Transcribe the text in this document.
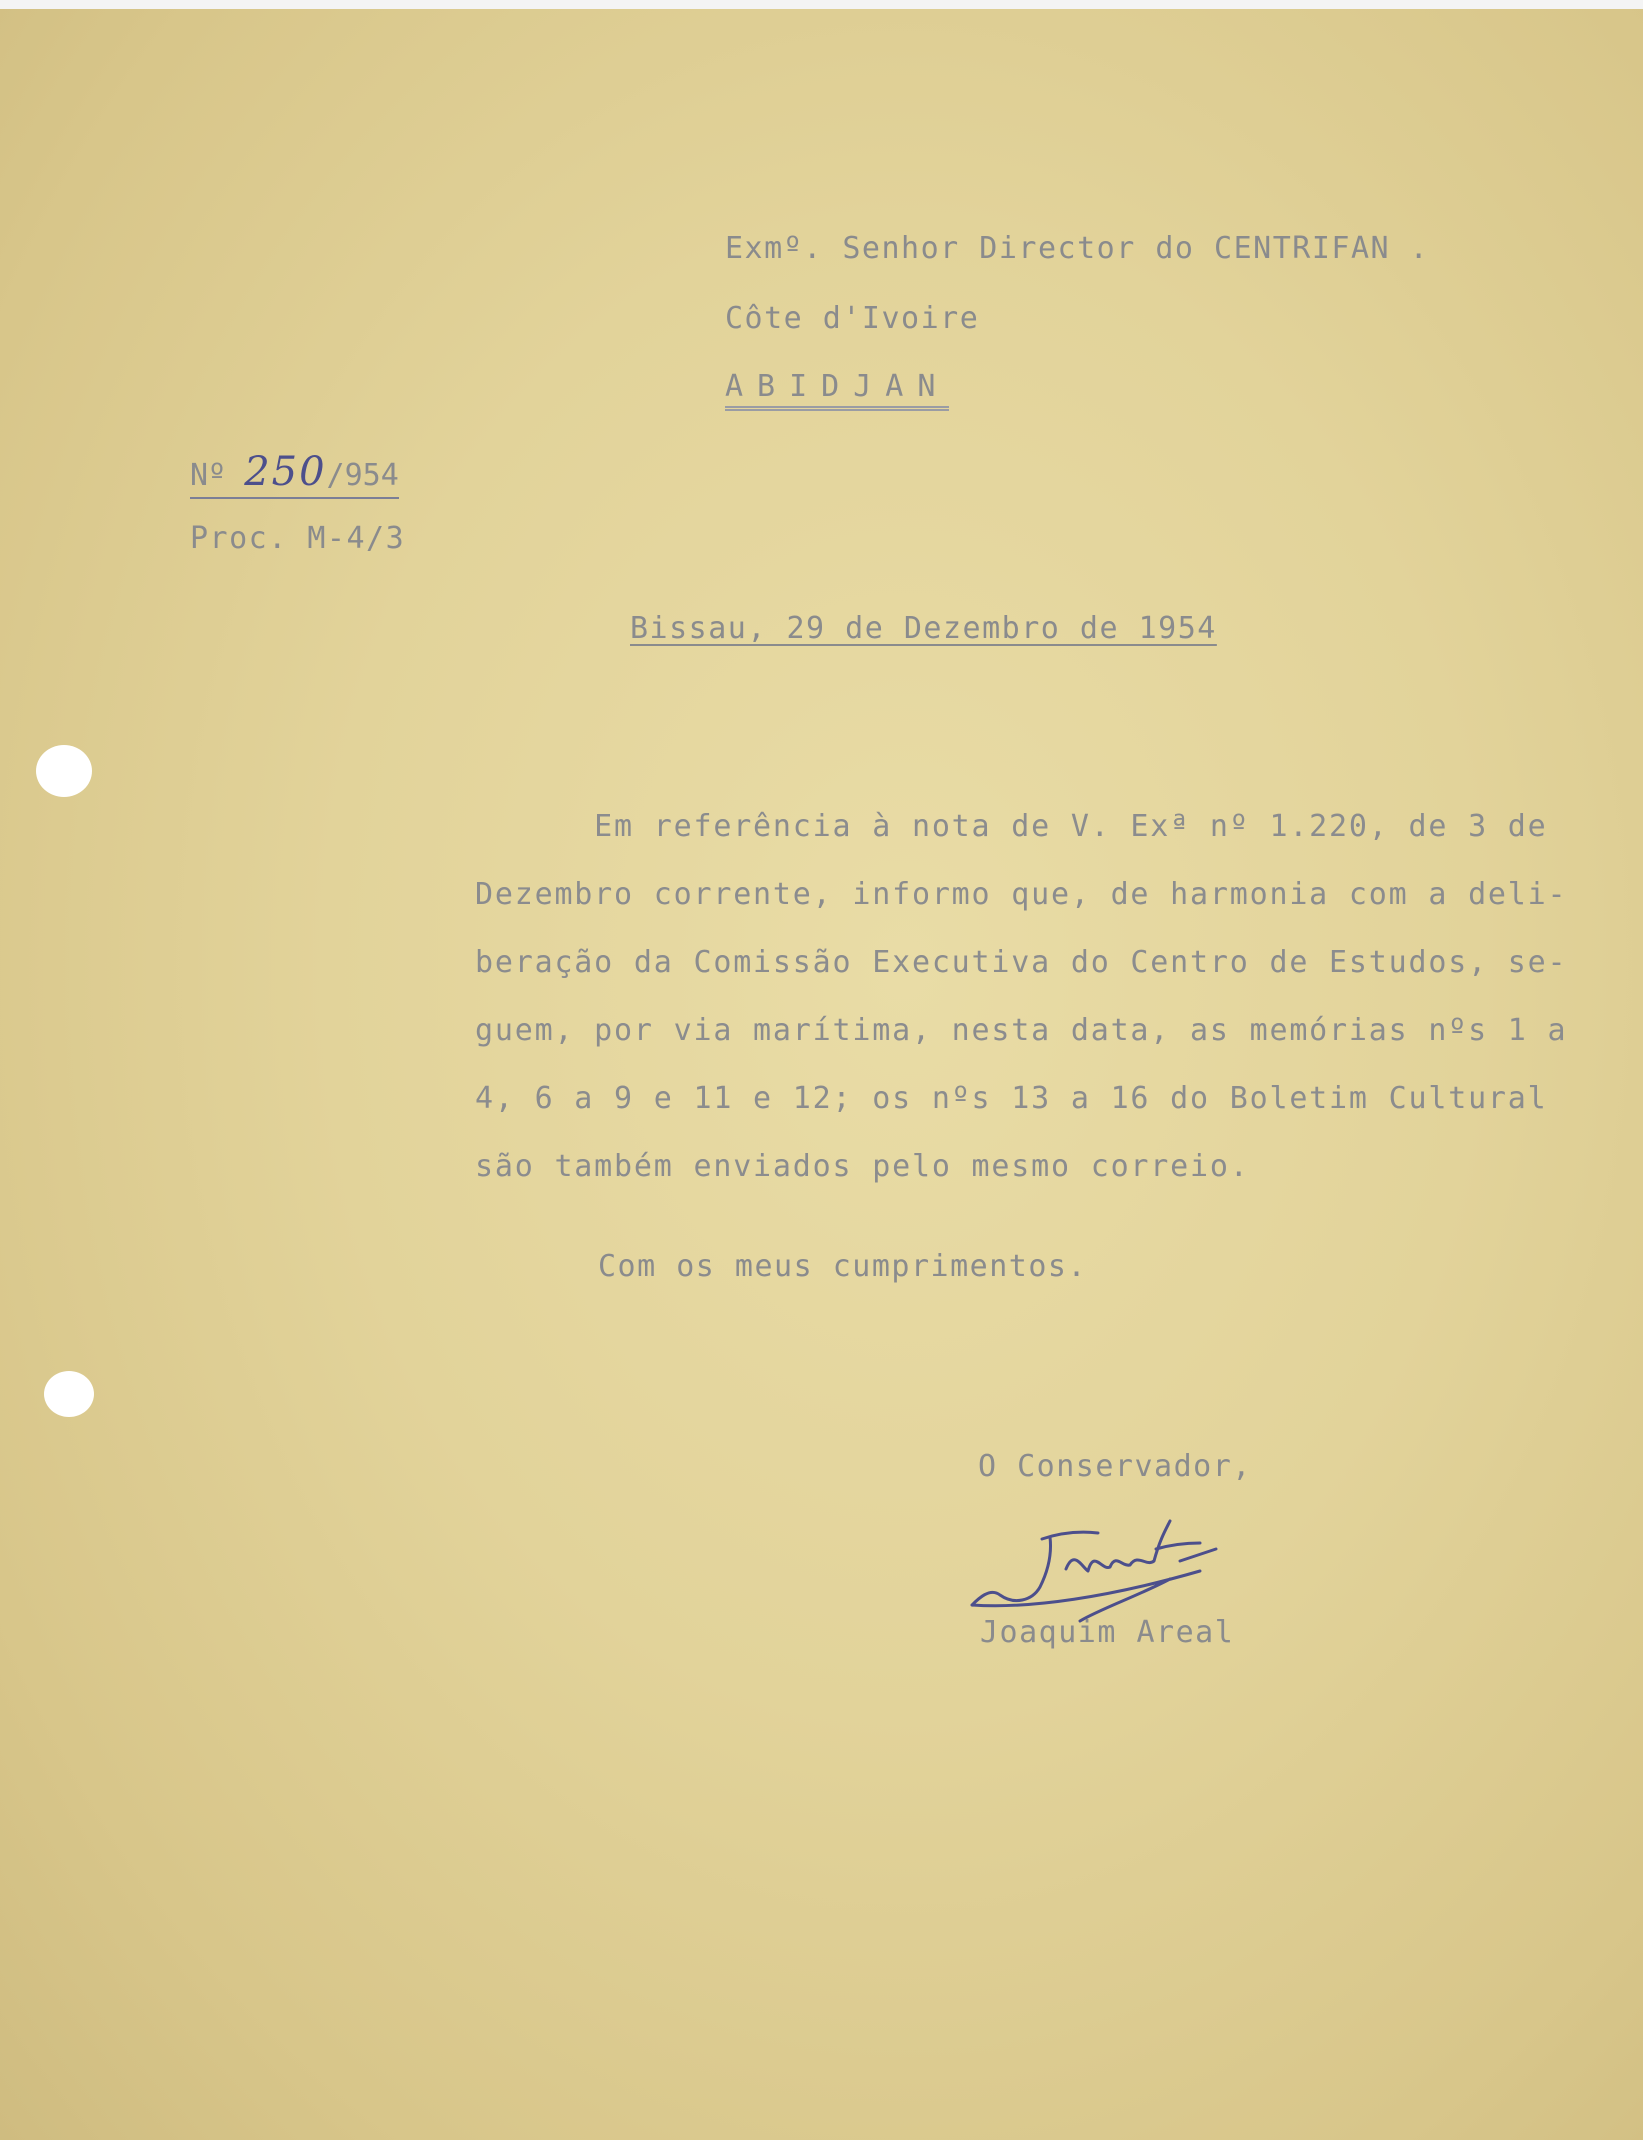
Exmº. Senhor Director do CENTRIFAN .
Côte d'Ivoire
ABIDJAN
Nº 250/954
Proc. M-4/3
Bissau, 29 de Dezembro de 1954
Em referência à nota de V. Exª nº 1.220, de 3 de
Dezembro corrente, informo que, de harmonia com a deli-
beração da Comissão Executiva do Centro de Estudos, se-
guem, por via marítima, nesta data, as memórias nºs 1 a
4, 6 a 9 e 11 e 12; os nºs 13 a 16 do Boletim Cultural
são também enviados pelo mesmo correio.
Com os meus cumprimentos.
O Conservador,
Joaquim Areal
